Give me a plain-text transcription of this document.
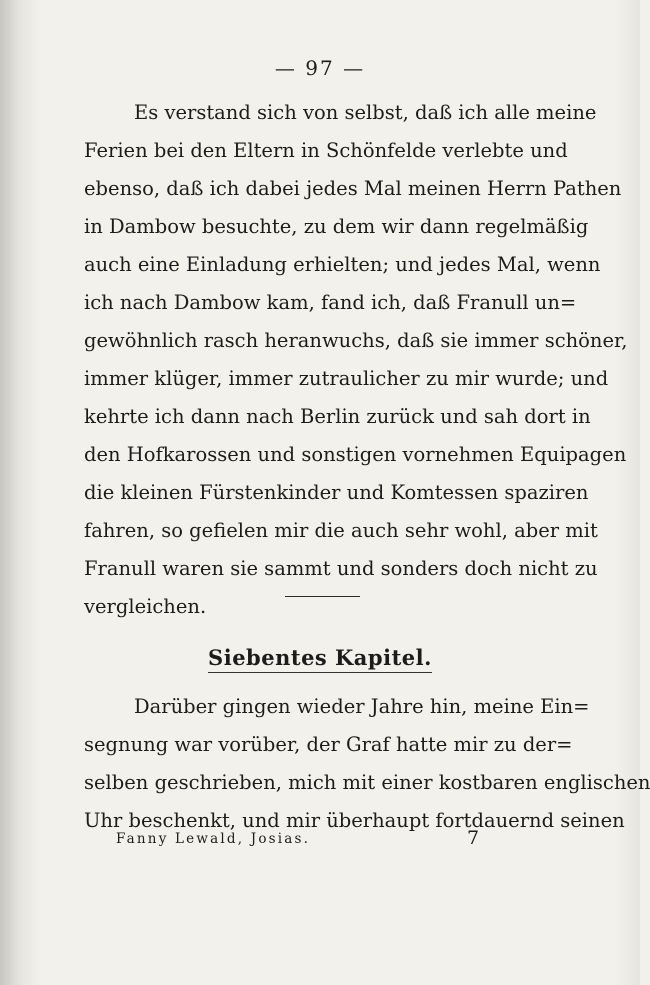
— 97 —
Es verstand sich von selbst, daß ich alle meine
Ferien bei den Eltern in Schönfelde verlebte und
ebenso, daß ich dabei jedes Mal meinen Herrn Pathen
in Dambow besuchte, zu dem wir dann regelmäßig
auch eine Einladung erhielten; und jedes Mal, wenn
ich nach Dambow kam, fand ich, daß Franull un=
gewöhnlich rasch heranwuchs, daß sie immer schöner,
immer klüger, immer zutraulicher zu mir wurde; und
kehrte ich dann nach Berlin zurück und sah dort in
den Hofkarossen und sonstigen vornehmen Equipagen
die kleinen Fürstenkinder und Komtessen spaziren
fahren, so gefielen mir die auch sehr wohl, aber mit
Franull waren sie sammt und sonders doch nicht zu
vergleichen.
Siebentes Kapitel.
Darüber gingen wieder Jahre hin, meine Ein=
segnung war vorüber, der Graf hatte mir zu der=
selben geschrieben, mich mit einer kostbaren englischen
Uhr beschenkt, und mir überhaupt fortdauernd seinen
Fanny Lewald, Josias.	7
